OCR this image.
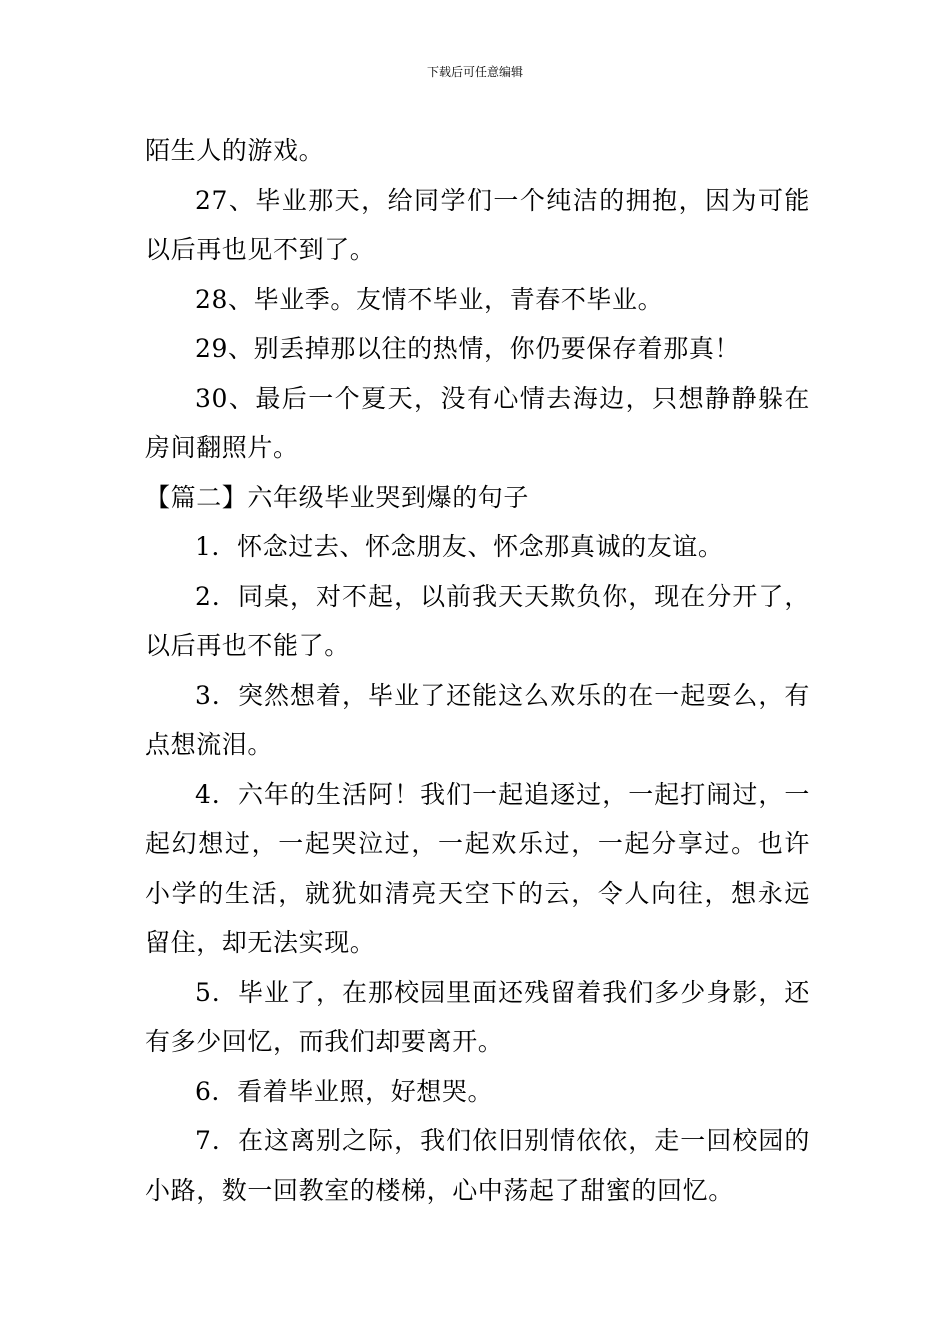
下载后可任意编辑

陌生人的游戏。

27、毕业那天，给同学们一个纯洁的拥抱，因为可能以后再也见不到了。

28、毕业季。友情不毕业，青春不毕业。

29、别丢掉那以往的热情，你仍要保存着那真！

30、最后一个夏天，没有心情去海边，只想静静躲在房间翻照片。

【篇二】六年级毕业哭到爆的句子

1．怀念过去、怀念朋友、怀念那真诚的友谊。

2．同桌，对不起，以前我天天欺负你，现在分开了，以后再也不能了。

3．突然想着，毕业了还能这么欢乐的在一起耍么，有点想流泪。

4．六年的生活阿！我们一起追逐过，一起打闹过，一起幻想过，一起哭泣过，一起欢乐过，一起分享过。也许小学的生活，就犹如清亮天空下的云，令人向往，想永远留住，却无法实现。

5．毕业了，在那校园里面还残留着我们多少身影，还有多少回忆，而我们却要离开。

6．看着毕业照，好想哭。

7．在这离别之际，我们依旧别情依依，走一回校园的小路，数一回教室的楼梯，心中荡起了甜蜜的回忆。
